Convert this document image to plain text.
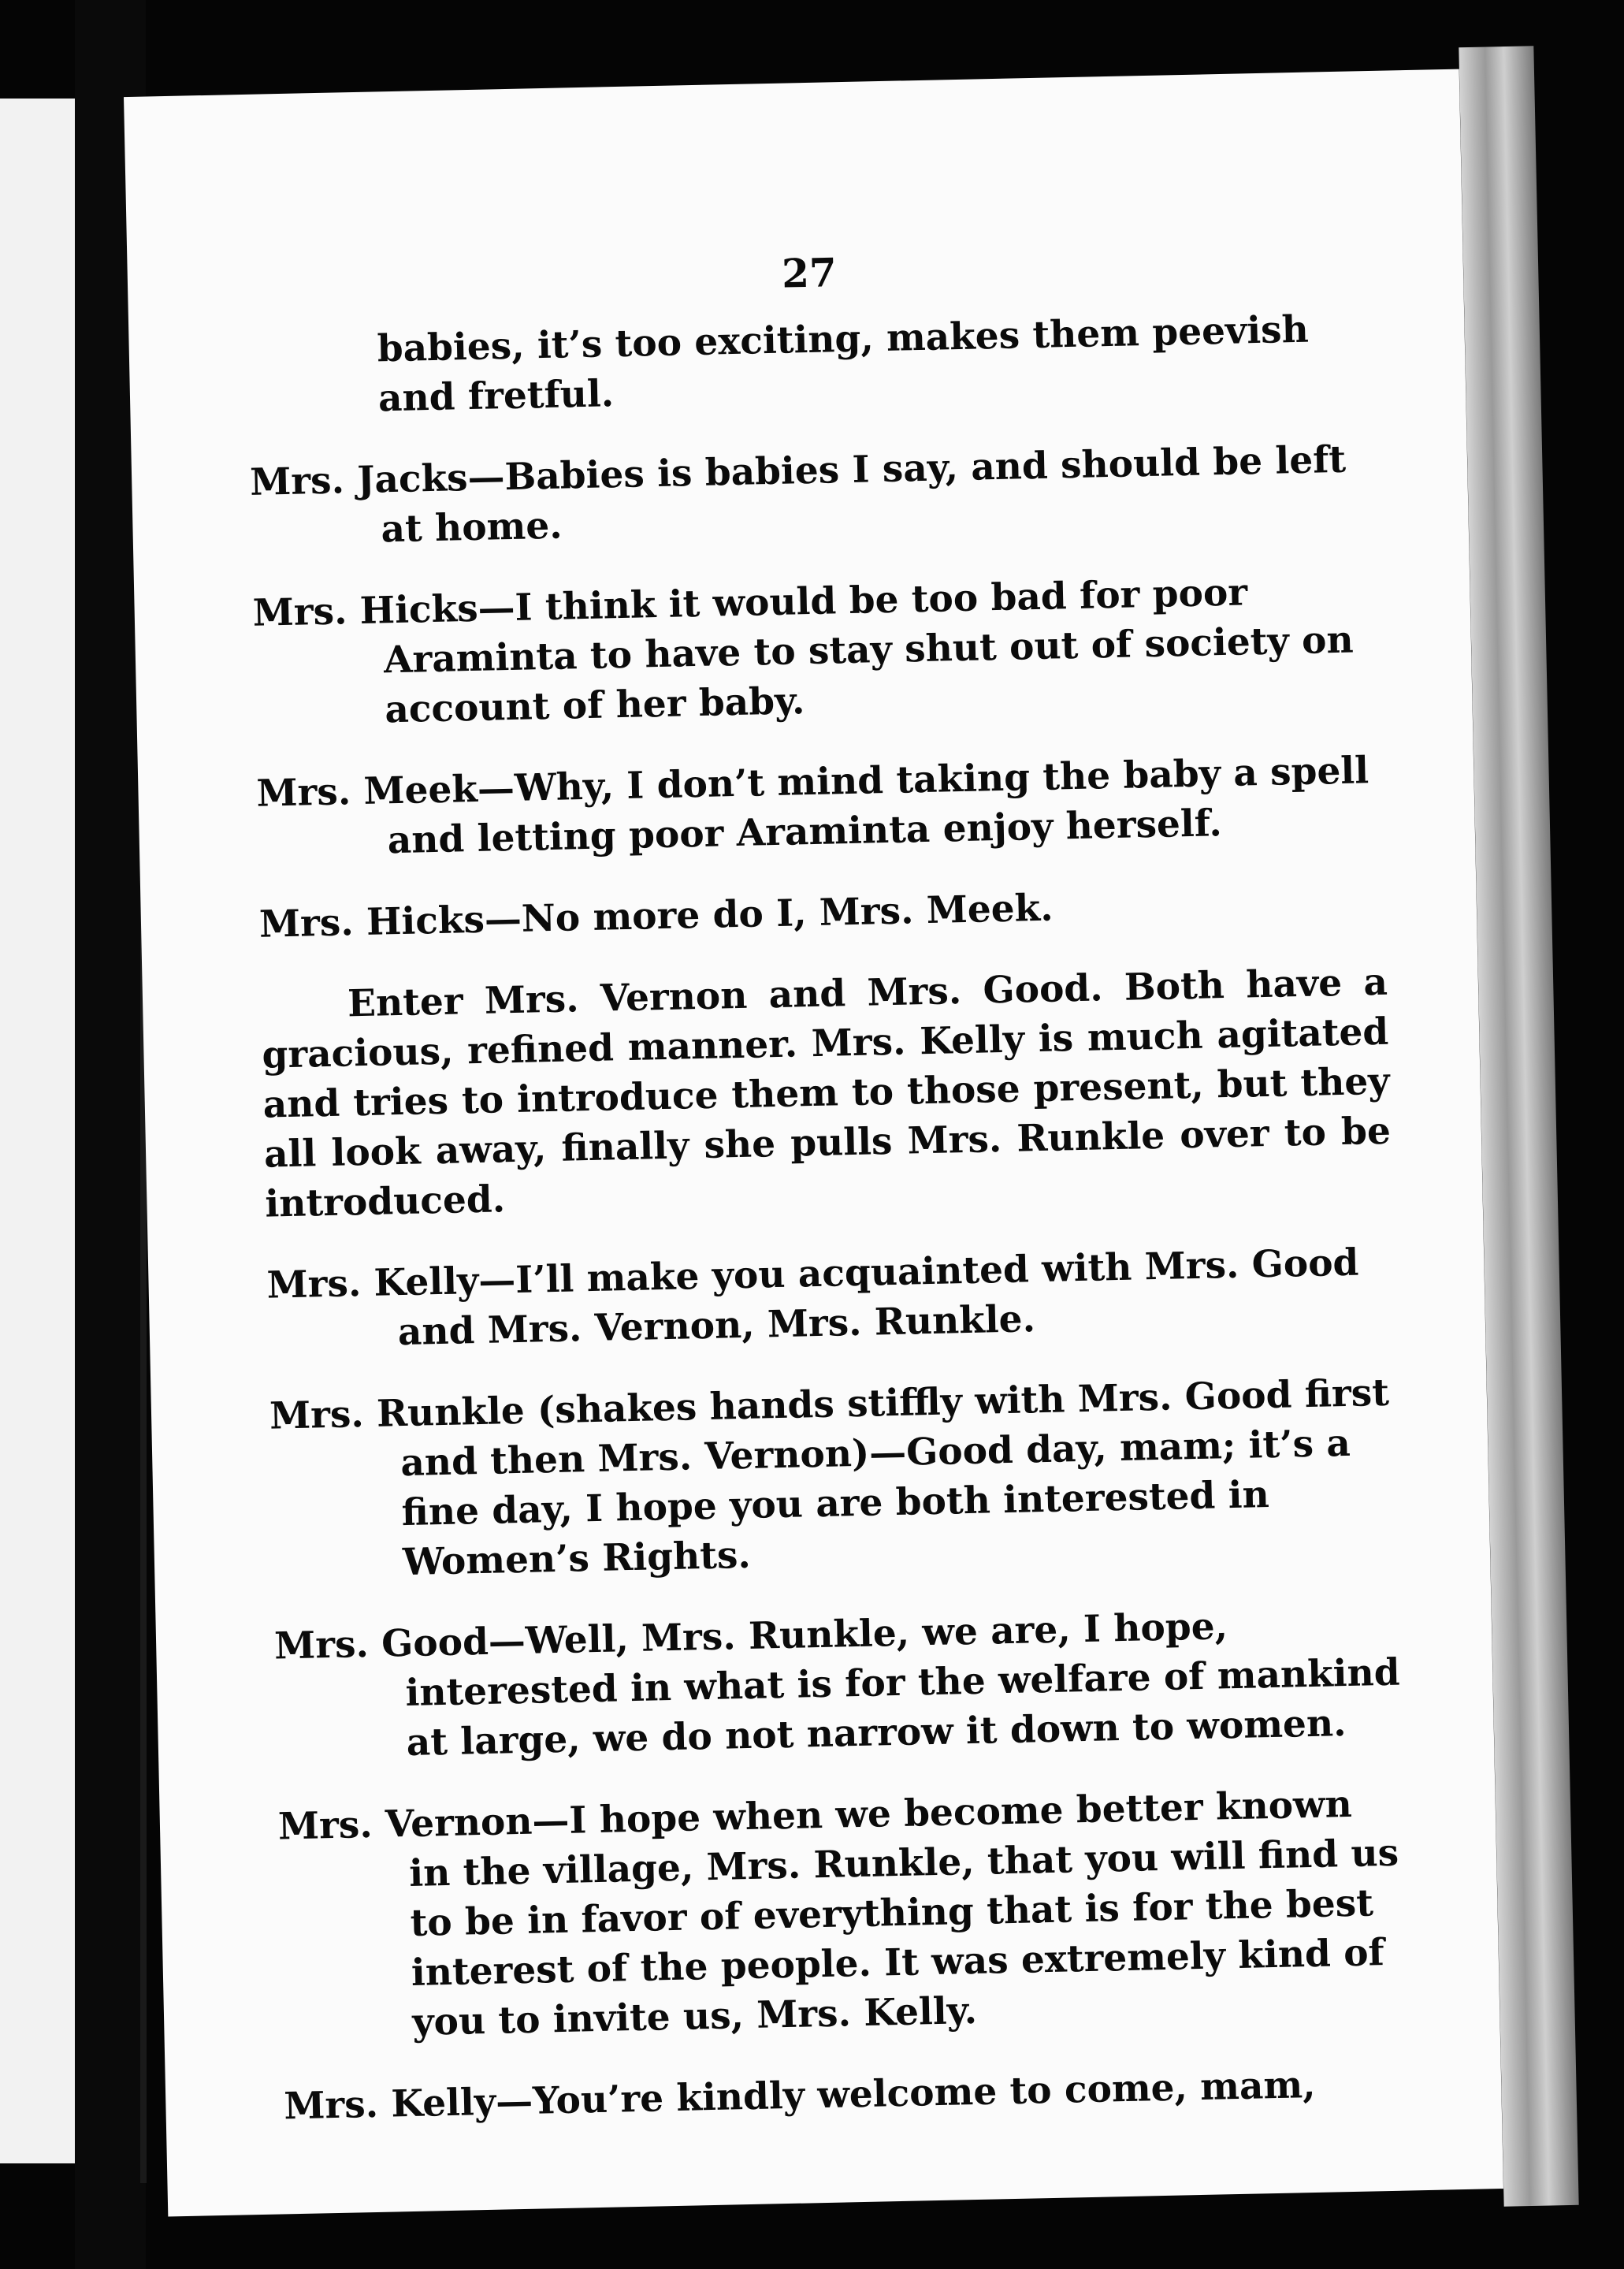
27

babies, it’s too exciting, makes them peevish and fretful.

Mrs. Jacks—Babies is babies I say, and should be left at home.

Mrs. Hicks—I think it would be too bad for poor Araminta to have to stay shut out of society on account of her baby.

Mrs. Meek—Why, I don’t mind taking the baby a spell and letting poor Araminta enjoy herself.

Mrs. Hicks—No more do I, Mrs. Meek.

Enter Mrs. Vernon and Mrs. Good. Both have a gracious, refined manner. Mrs. Kelly is much agitated and tries to introduce them to those present, but they all look away, finally she pulls Mrs. Runkle over to be introduced.

Mrs. Kelly—I’ll make you acquainted with Mrs. Good and Mrs. Vernon, Mrs. Runkle.

Mrs. Runkle (shakes hands stiffly with Mrs. Good first and then Mrs. Vernon)—Good day, mam; it’s a fine day, I hope you are both interested in Women’s Rights.

Mrs. Good—Well, Mrs. Runkle, we are, I hope, interested in what is for the welfare of mankind at large, we do not narrow it down to women.

Mrs. Vernon—I hope when we become better known in the village, Mrs. Runkle, that you will find us to be in favor of everything that is for the best interest of the people. It was extremely kind of you to invite us, Mrs. Kelly.

Mrs. Kelly—You’re kindly welcome to come, mam,
